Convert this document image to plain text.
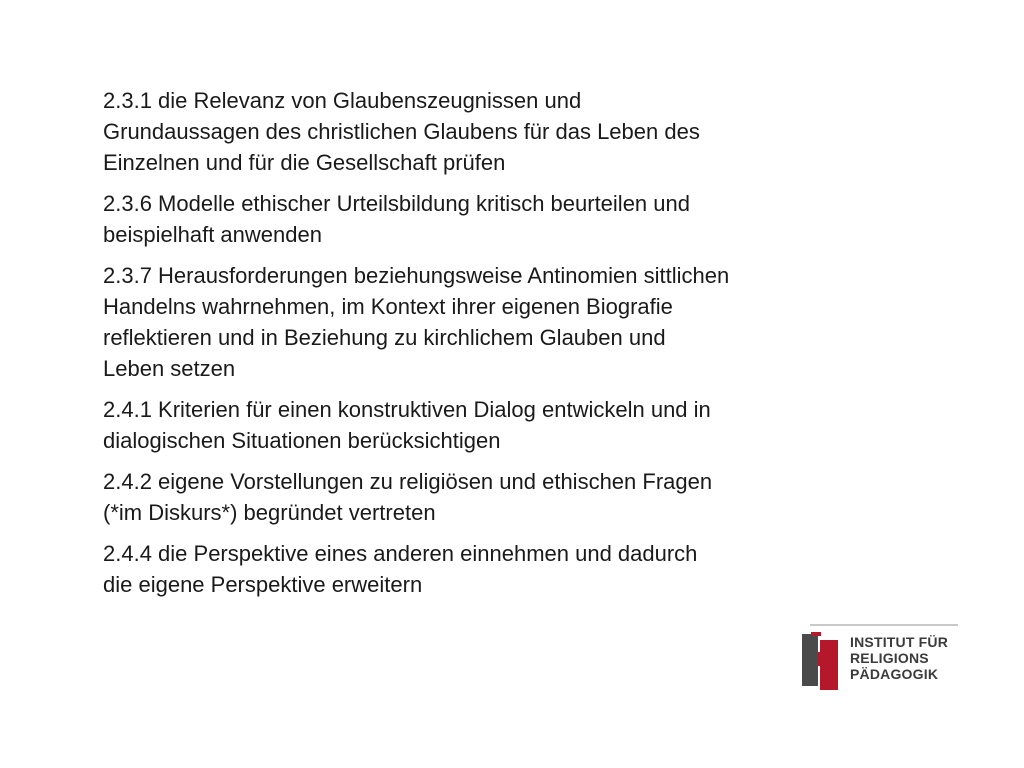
2.3.1 die Relevanz von Glaubenszeugnissen und
Grundaussagen des christlichen Glaubens für das Leben des
Einzelnen und für die Gesellschaft prüfen

2.3.6 Modelle ethischer Urteilsbildung kritisch beurteilen und
beispielhaft anwenden

2.3.7 Herausforderungen beziehungsweise Antinomien sittlichen
Handelns wahrnehmen, im Kontext ihrer eigenen Biografie
reflektieren und in Beziehung zu kirchlichem Glauben und
Leben setzen

2.4.1 Kriterien für einen konstruktiven Dialog entwickeln und in
dialogischen Situationen berücksichtigen

2.4.2 eigene Vorstellungen zu religiösen und ethischen Fragen
(*im Diskurs*) begründet vertreten

2.4.4 die Perspektive eines anderen einnehmen und dadurch
die eigene Perspektive erweitern

INSTITUT FÜR
RELIGIONS
PÄDAGOGIK
